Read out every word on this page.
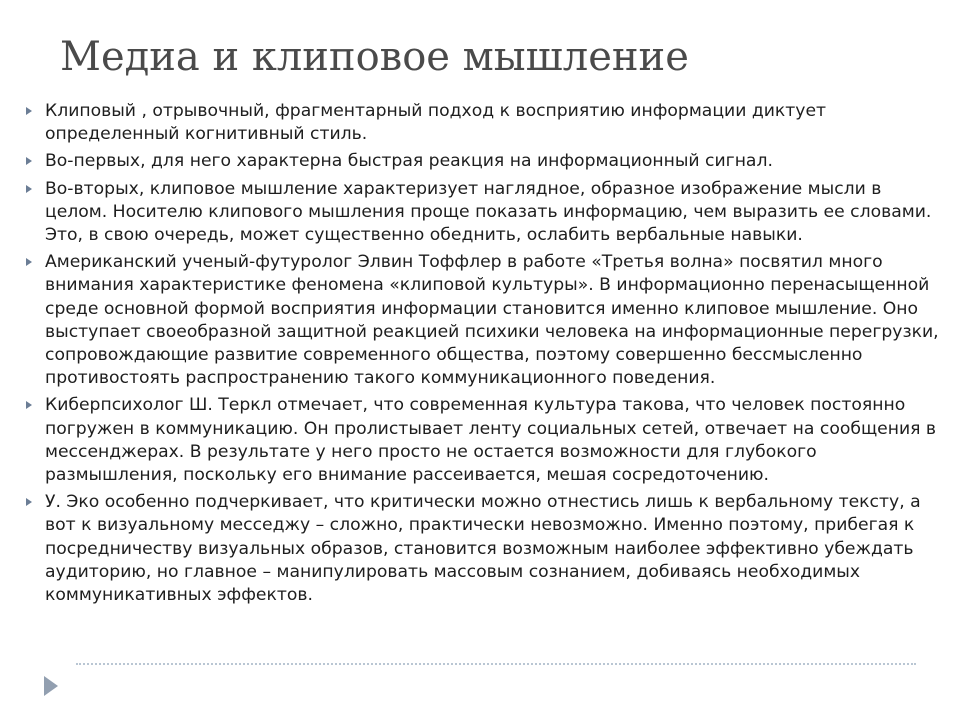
Медиа и клиповое мышление
Клиповый , отрывочный, фрагментарный подход к восприятию информации диктует определенный когнитивный стиль.
Во-первых, для него характерна быстрая реакция на информационный сигнал.
Во-вторых, клиповое мышление характеризует наглядное, образное изображение мысли в целом. Носителю клипового мышления проще показать информацию, чем выразить ее словами. Это, в свою очередь, может существенно обеднить, ослабить вербальные навыки.
Американский ученый-футуролог Элвин Тоффлер в работе «Третья волна» посвятил много внимания характеристике феномена «клиповой культуры». В информационно перенасыщенной среде основной формой восприятия информации становится именно клиповое мышление. Оно выступает своеобразной защитной реакцией психики человека на информационные перегрузки, сопровождающие развитие современного общества, поэтому совершенно бессмысленно противостоять распространению такого коммуникационного поведения.
Киберпсихолог Ш. Теркл отмечает, что современная культура такова, что человек постоянно погружен в коммуникацию. Он пролистывает ленту социальных сетей, отвечает на сообщения в мессенджерах. В результате у него просто не остается возможности для глубокого размышления, поскольку его внимание рассеивается, мешая сосредоточению.
У. Эко особенно подчеркивает, что критически можно отнестись лишь к вербальному тексту, а вот к визуальному месседжу – сложно, практически невозможно. Именно поэтому, прибегая к посредничеству визуальных образов, становится возможным наиболее эффективно убеждать аудиторию, но главное – манипулировать массовым сознанием, добиваясь необходимых коммуникативных эффектов.
